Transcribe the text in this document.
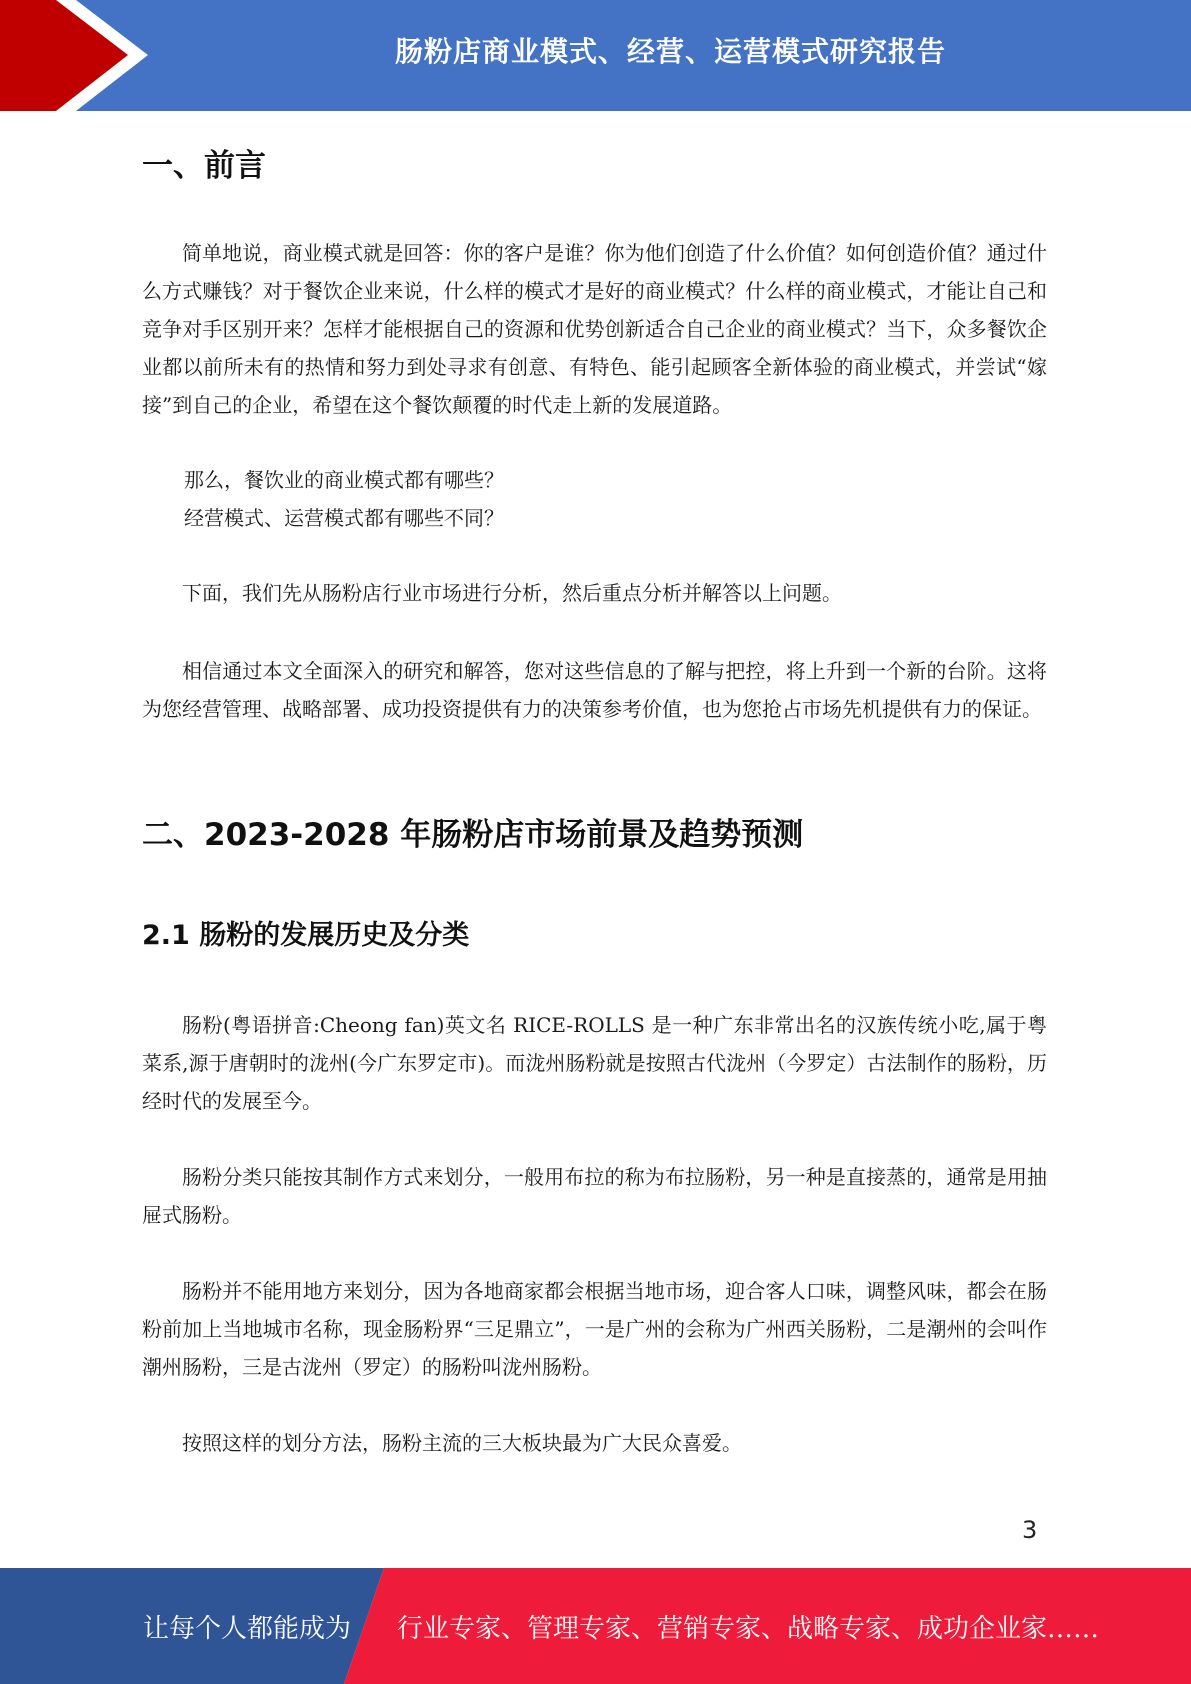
肠粉店商业模式、经营、运营模式研究报告
一、前言

简单地说，商业模式就是回答：你的客户是谁？你为他们创造了什么价值？如何创造价值？通过什么方式赚钱？对于餐饮企业来说，什么样的模式才是好的商业模式？什么样的商业模式，才能让自己和竞争对手区别开来？怎样才能根据自己的资源和优势创新适合自己企业的商业模式？当下，众多餐饮企业都以前所未有的热情和努力到处寻求有创意、有特色、能引起顾客全新体验的商业模式，并尝试“嫁接”到自己的企业，希望在这个餐饮颠覆的时代走上新的发展道路。

那么，餐饮业的商业模式都有哪些？

经营模式、运营模式都有哪些不同？

下面，我们先从肠粉店行业市场进行分析，然后重点分析并解答以上问题。

相信通过本文全面深入的研究和解答，您对这些信息的了解与把控，将上升到一个新的台阶。这将为您经营管理、战略部署、成功投资提供有力的决策参考价值，也为您抢占市场先机提供有力的保证。

二、2023-2028 年肠粉店市场前景及趋势预测
2.1 肠粉的发展历史及分类

肠粉(粤语拼音:Cheong fan)英文名 RICE-ROLLS 是一种广东非常出名的汉族传统小吃,属于粤菜系,源于唐朝时的泷州(今广东罗定市)。而泷州肠粉就是按照古代泷州（今罗定）古法制作的肠粉，历经时代的发展至今。

肠粉分类只能按其制作方式来划分，一般用布拉的称为布拉肠粉，另一种是直接蒸的，通常是用抽屉式肠粉。

肠粉并不能用地方来划分，因为各地商家都会根据当地市场，迎合客人口味，调整风味，都会在肠粉前加上当地城市名称，现金肠粉界“三足鼎立”，一是广州的会称为广州西关肠粉，二是潮州的会叫作潮州肠粉，三是古泷州（罗定）的肠粉叫泷州肠粉。

按照这样的划分方法，肠粉主流的三大板块最为广大民众喜爱。

3
让每个人都能成为 行业专家、管理专家、营销专家、战略专家、成功企业家……
